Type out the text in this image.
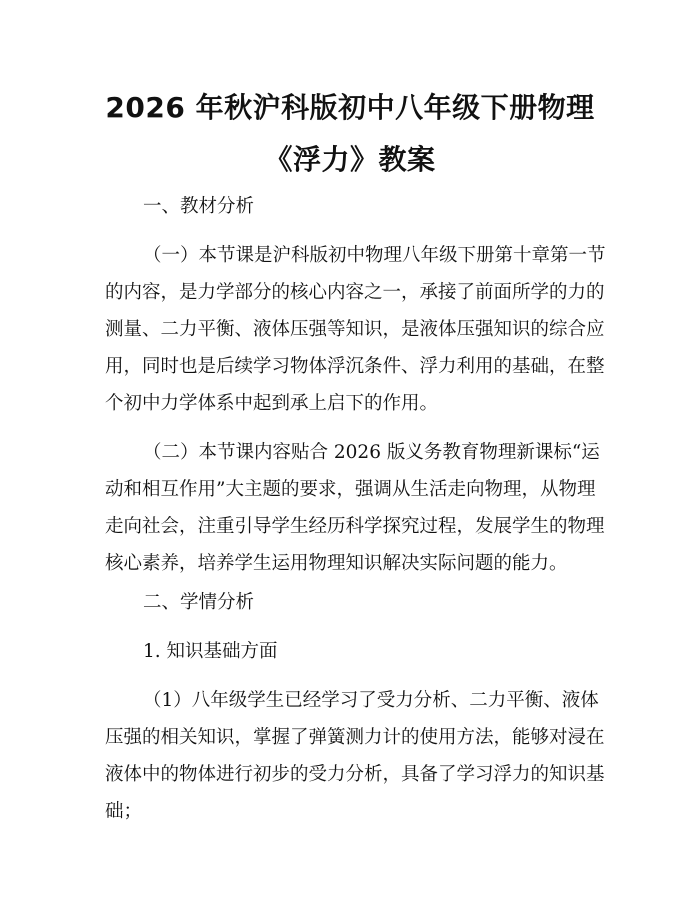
2026 年秋沪科版初中八年级下册物理《浮力》教案

一、教材分析

（一）本节课是沪科版初中物理八年级下册第十章第一节

的内容，是力学部分的核心内容之一，承接了前面所学的力的

测量、二力平衡、液体压强等知识，是液体压强知识的综合应

用，同时也是后续学习物体浮沉条件、浮力利用的基础，在整

个初中力学体系中起到承上启下的作用。

（二）本节课内容贴合 2026 版义务教育物理新课标“运

动和相互作用”大主题的要求，强调从生活走向物理，从物理

走向社会，注重引导学生经历科学探究过程，发展学生的物理

核心素养，培养学生运用物理知识解决实际问题的能力。

二、学情分析

1. 知识基础方面

（1）八年级学生已经学习了受力分析、二力平衡、液体

压强的相关知识，掌握了弹簧测力计的使用方法，能够对浸在

液体中的物体进行初步的受力分析，具备了学习浮力的知识基

础；
